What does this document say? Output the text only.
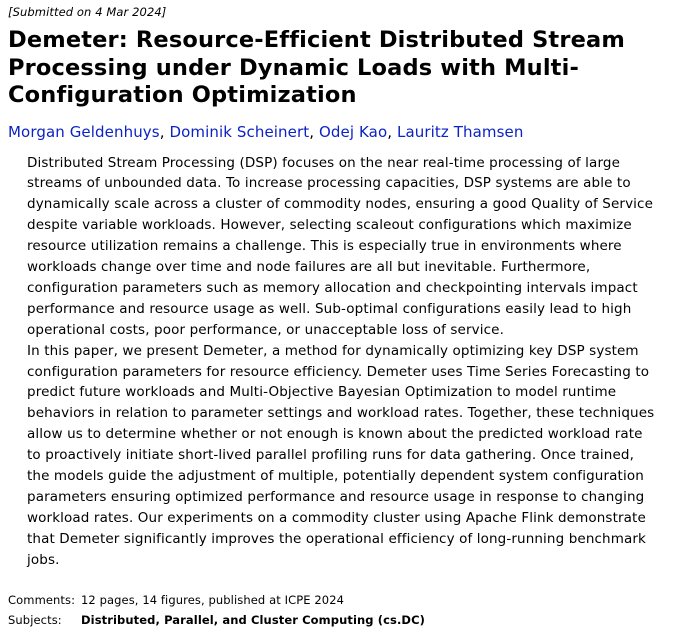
[Submitted on 4 Mar 2024]
Demeter: Resource-Efficient Distributed Stream Processing under Dynamic Loads with Multi-Configuration Optimization
Morgan Geldenhuys, Dominik Scheinert, Odej Kao, Lauritz Thamsen

Distributed Stream Processing (DSP) focuses on the near real-time processing of large streams of unbounded data. To increase processing capacities, DSP systems are able to dynamically scale across a cluster of commodity nodes, ensuring a good Quality of Service despite variable workloads. However, selecting scaleout configurations which maximize resource utilization remains a challenge. This is especially true in environments where workloads change over time and node failures are all but inevitable. Furthermore, configuration parameters such as memory allocation and checkpointing intervals impact performance and resource usage as well. Sub-optimal configurations easily lead to high operational costs, poor performance, or unacceptable loss of service.

In this paper, we present Demeter, a method for dynamically optimizing key DSP system configuration parameters for resource efficiency. Demeter uses Time Series Forecasting to predict future workloads and Multi-Objective Bayesian Optimization to model runtime behaviors in relation to parameter settings and workload rates. Together, these techniques allow us to determine whether or not enough is known about the predicted workload rate to proactively initiate short-lived parallel profiling runs for data gathering. Once trained, the models guide the adjustment of multiple, potentially dependent system configuration parameters ensuring optimized performance and resource usage in response to changing workload rates. Our experiments on a commodity cluster using Apache Flink demonstrate that Demeter significantly improves the operational efficiency of long-running benchmark jobs.

Comments: 12 pages, 14 figures, published at ICPE 2024
Subjects:	Distributed, Parallel, and Cluster Computing (cs.DC)
